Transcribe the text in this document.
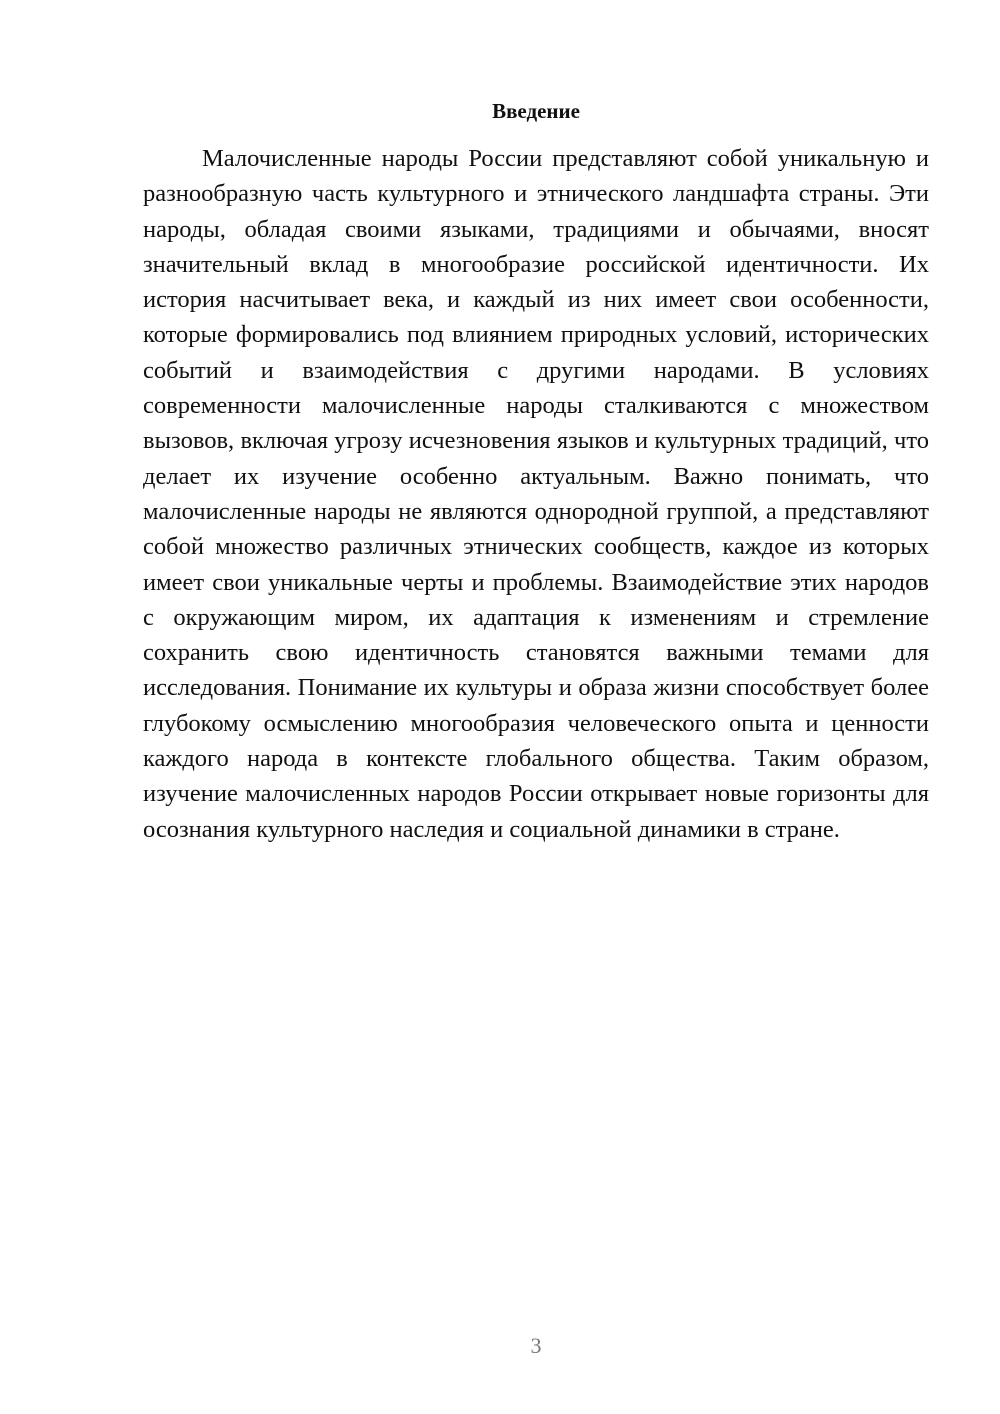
Введение

Малочисленные народы России представляют собой уникальную и разнообразную часть культурного и этнического ландшафта страны. Эти народы, обладая своими языками, традициями и обычаями, вносят значительный вклад в многообразие российской идентичности. Их история насчитывает века, и каждый из них имеет свои особенности, которые формировались под влиянием природных условий, исторических событий и взаимодействия с другими народами. В условиях современности малочисленные народы сталкиваются с множеством вызовов, включая угрозу исчезновения языков и культурных традиций, что делает их изучение особенно актуальным. Важно понимать, что малочисленные народы не являются однородной группой, а представляют собой множество различных этнических сообществ, каждое из которых имеет свои уникальные черты и проблемы. Взаимодействие этих народов с окружающим миром, их адаптация к изменениям и стремление сохранить свою идентичность становятся важными темами для исследования. Понимание их культуры и образа жизни способствует более глубокому осмыслению многообразия человеческого опыта и ценности каждого народа в контексте глобального общества. Таким образом, изучение малочисленных народов России открывает новые горизонты для осознания культурного наследия и социальной динамики в стране.

3
